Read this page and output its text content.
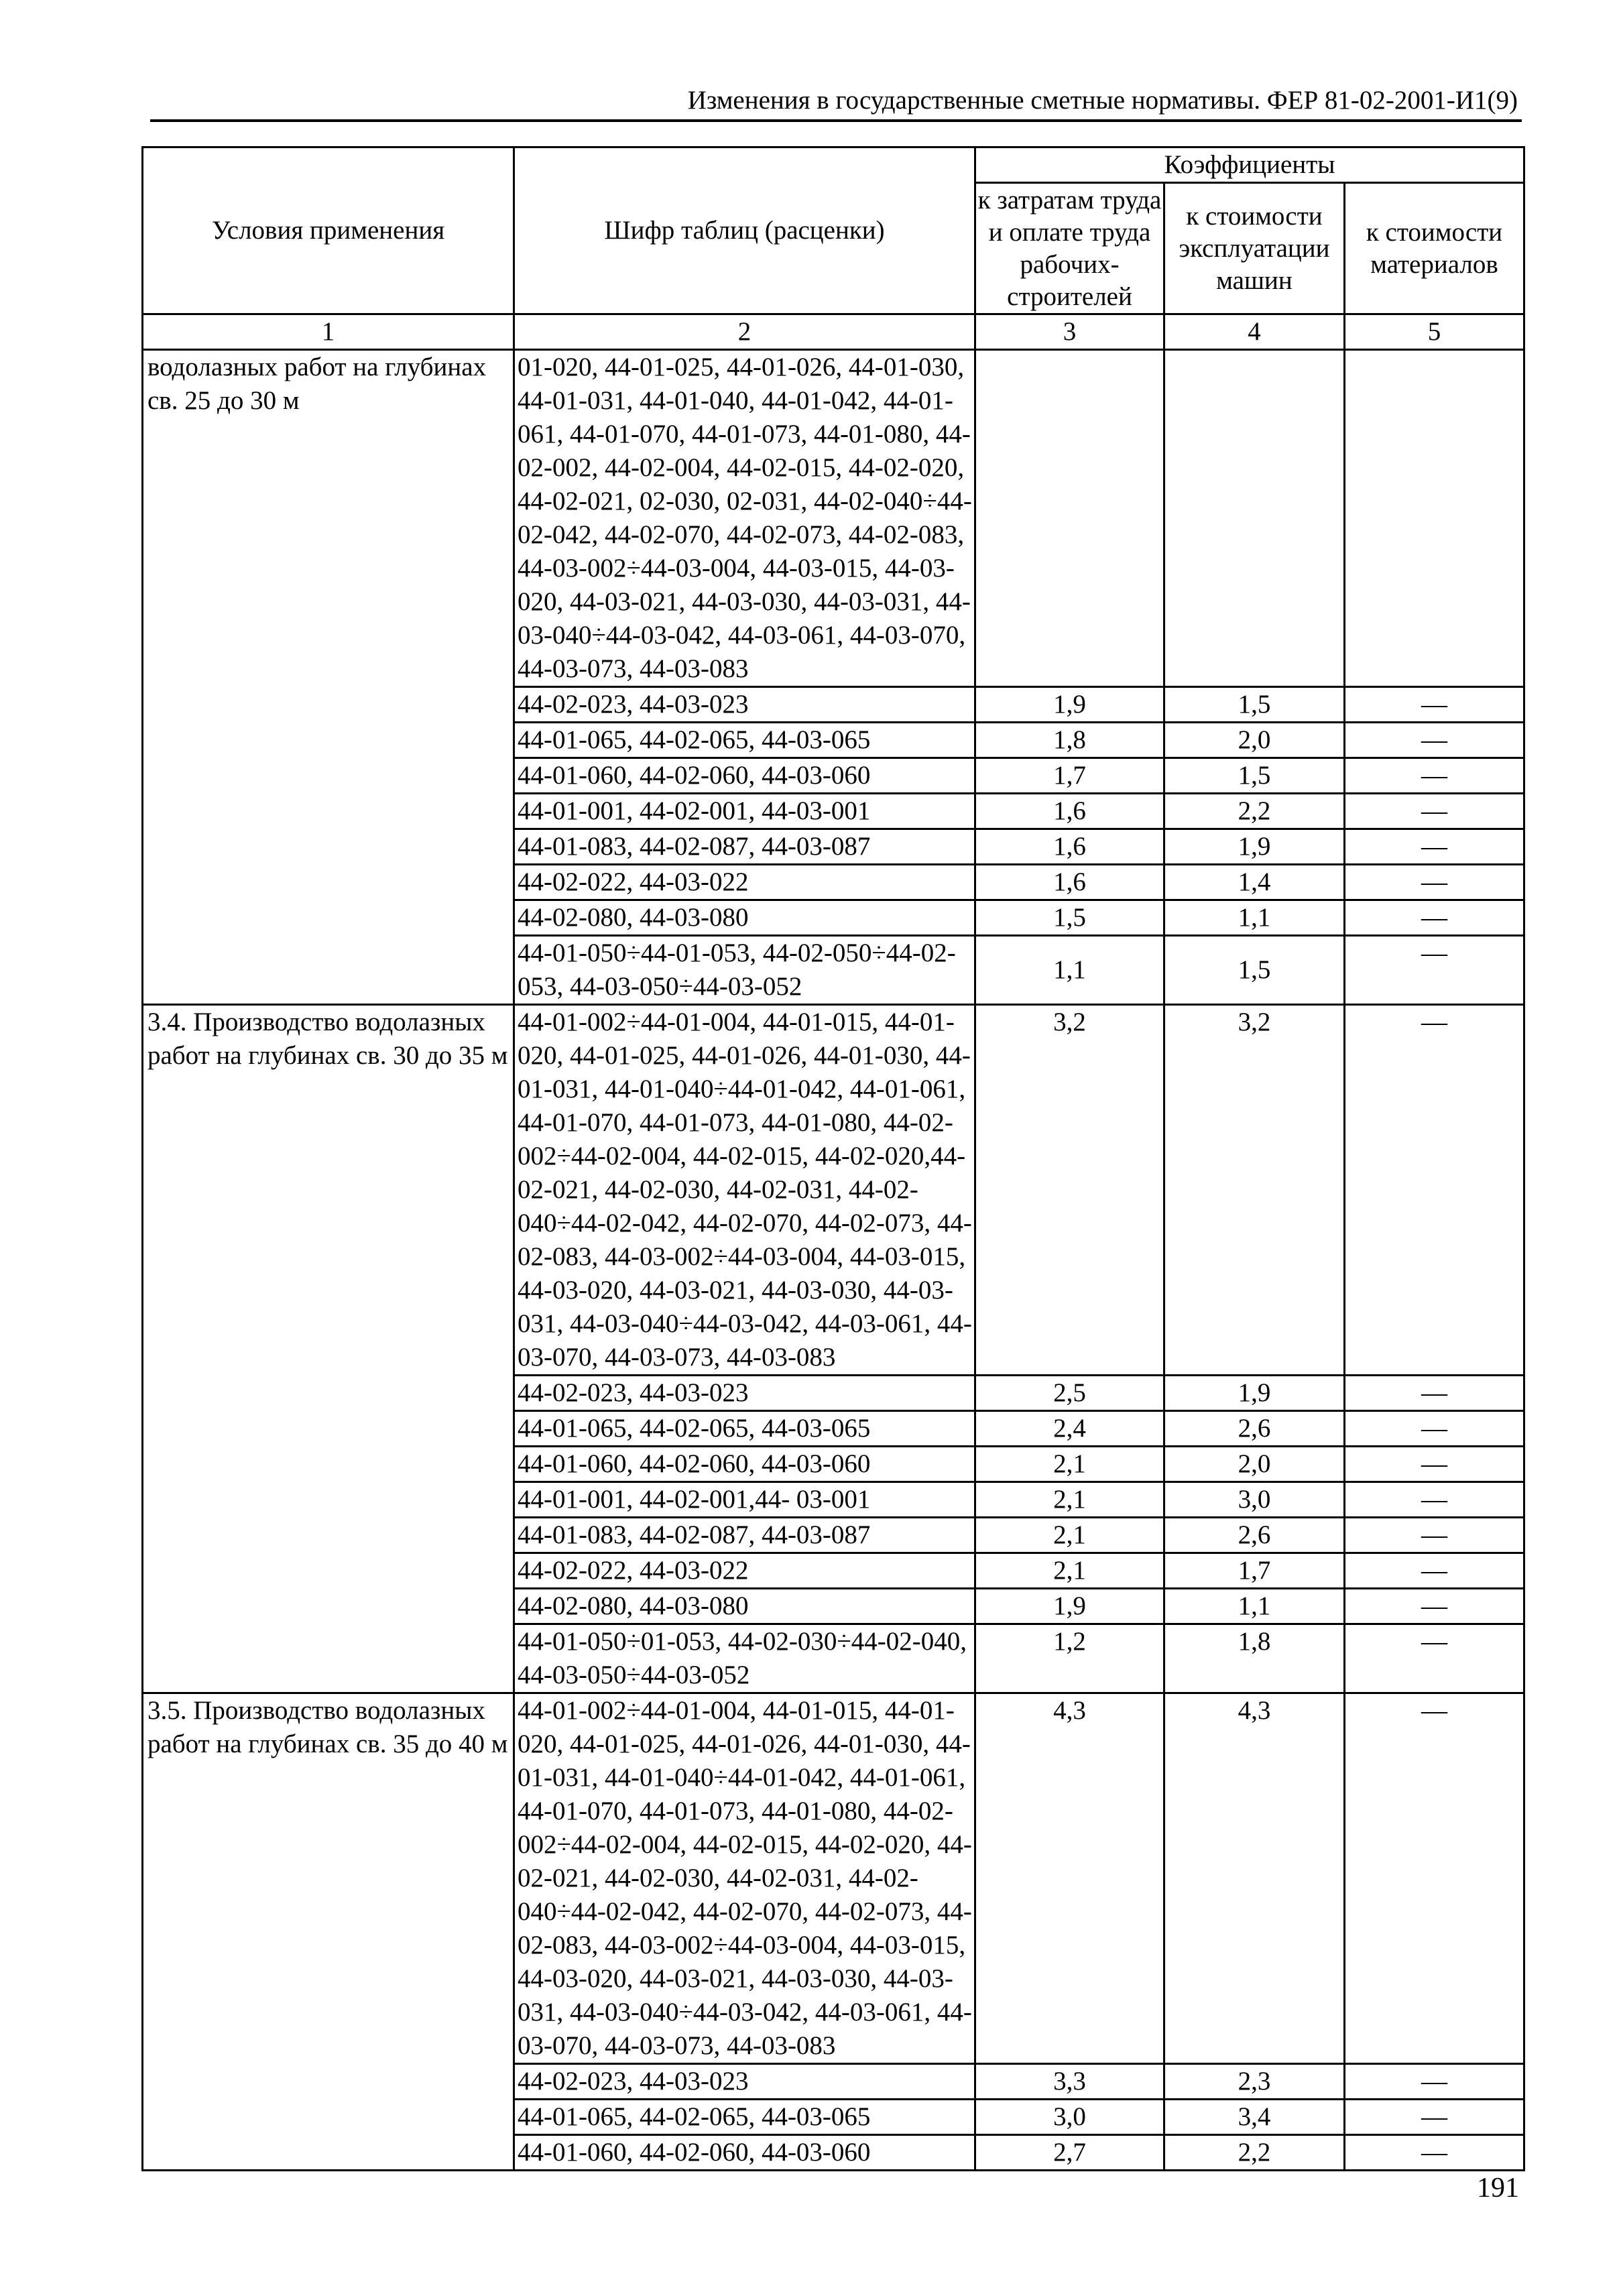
Изменения в государственные сметные нормативы. ФЕР 81-02-2001-И1(9)
Условия применения	Шифр таблиц (расценки)	Коэффициенты		
		к затратам труда и оплате труда рабочих-строителей	к стоимости эксплуатации машин	к стоимости материалов
1	2	3	4	5
водолазных работ на глубинах св. 25 до 30 м	01-020, 44-01-025, 44-01-026, 44-01-030, 44-01-031, 44-01-040, 44-01-042, 44-01-061, 44-01-070, 44-01-073, 44-01-080, 44-02-002, 44-02-004, 44-02-015, 44-02-020, 44-02-021, 02-030, 02-031, 44-02-040÷44-02-042, 44-02-070, 44-02-073, 44-02-083, 44-03-002÷44-03-004, 44-03-015, 44-03-020, 44-03-021, 44-03-030, 44-03-031, 44-03-040÷44-03-042, 44-03-061, 44-03-070, 44-03-073, 44-03-083			
	44-02-023, 44-03-023	1,9	1,5	—
	44-01-065, 44-02-065, 44-03-065	1,8	2,0	—
	44-01-060, 44-02-060, 44-03-060	1,7	1,5	—
	44-01-001, 44-02-001, 44-03-001	1,6	2,2	—
	44-01-083, 44-02-087, 44-03-087	1,6	1,9	—
	44-02-022, 44-03-022	1,6	1,4	—
	44-02-080, 44-03-080	1,5	1,1	—
	44-01-050÷44-01-053, 44-02-050÷44-02-053, 44-03-050÷44-03-052	1,1	1,5	—
3.4. Производство водолазных работ на глубинах св. 30 до 35 м	44-01-002÷44-01-004, 44-01-015, 44-01-020, 44-01-025, 44-01-026, 44-01-030, 44-01-031, 44-01-040÷44-01-042, 44-01-061, 44-01-070, 44-01-073, 44-01-080, 44-02-002÷44-02-004, 44-02-015, 44-02-020,44-02-021, 44-02-030, 44-02-031, 44-02-040÷44-02-042, 44-02-070, 44-02-073, 44-02-083, 44-03-002÷44-03-004, 44-03-015, 44-03-020, 44-03-021, 44-03-030, 44-03-031, 44-03-040÷44-03-042, 44-03-061, 44-03-070, 44-03-073, 44-03-083	3,2	3,2	—
	44-02-023, 44-03-023	2,5	1,9	—
	44-01-065, 44-02-065, 44-03-065	2,4	2,6	—
	44-01-060, 44-02-060, 44-03-060	2,1	2,0	—
	44-01-001, 44-02-001,44- 03-001	2,1	3,0	—
	44-01-083, 44-02-087, 44-03-087	2,1	2,6	—
	44-02-022, 44-03-022	2,1	1,7	—
	44-02-080, 44-03-080	1,9	1,1	—
	44-01-050÷01-053, 44-02-030÷44-02-040, 44-03-050÷44-03-052	1,2	1,8	—
3.5. Производство водолазных работ на глубинах св. 35 до 40 м	44-01-002÷44-01-004, 44-01-015, 44-01-020, 44-01-025, 44-01-026, 44-01-030, 44-01-031, 44-01-040÷44-01-042, 44-01-061, 44-01-070, 44-01-073, 44-01-080, 44-02-002÷44-02-004, 44-02-015, 44-02-020, 44-02-021, 44-02-030, 44-02-031, 44-02-040÷44-02-042, 44-02-070, 44-02-073, 44-02-083, 44-03-002÷44-03-004, 44-03-015, 44-03-020, 44-03-021, 44-03-030, 44-03-031, 44-03-040÷44-03-042, 44-03-061, 44-03-070, 44-03-073, 44-03-083	4,3	4,3	—
	44-02-023, 44-03-023	3,3	2,3	—
	44-01-065, 44-02-065, 44-03-065	3,0	3,4	—
	44-01-060, 44-02-060, 44-03-060	2,7	2,2	—
191
